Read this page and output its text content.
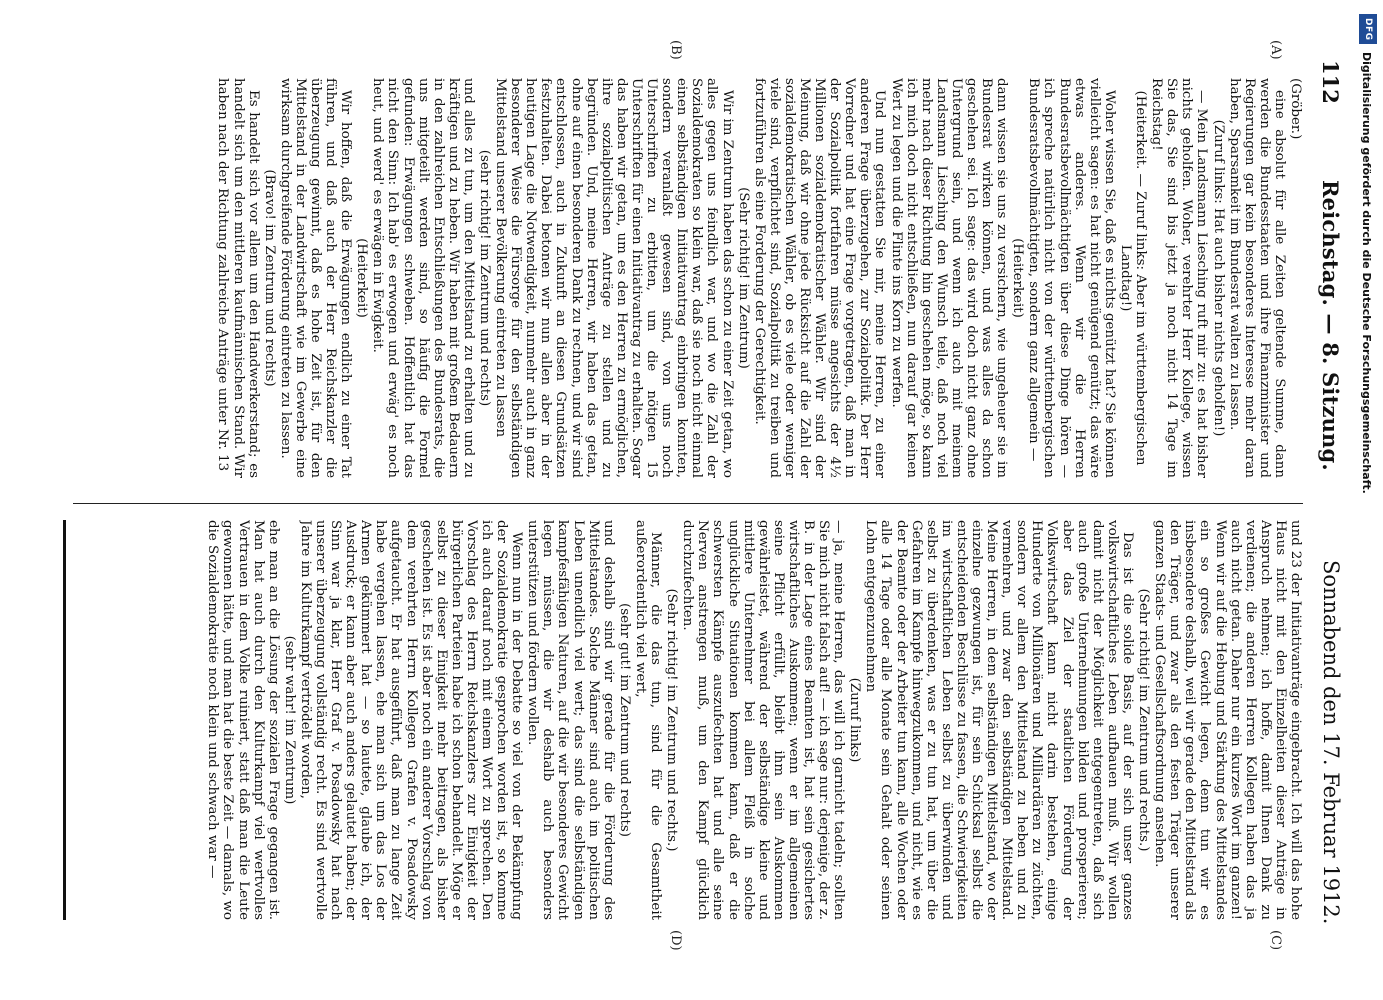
112
Reichstag. — 8. Sitzung.
Sonnabend den 17. Februar 1912.
(A)
(B)
(C)
(D)

(Gröber.)

eine absolut für alle Zeiten geltende Summe, dann werden die Bundesstaaten und ihre Finanzminister und Regierungen gar kein besonderes Interesse mehr daran haben, Sparsamkeit im Bundesrat walten zu lassen.

(Zuruf links: Hat auch bisher nichts geholfen!)

— Mein Landsmann Liesching ruft mir zu: es hat bisher nichts geholfen. Woher, verehrter Herr Kollege, wissen Sie das, Sie sind bis jetzt ja noch nicht 14 Tage im Reichstag!

(Heiterkeit. — Zuruf links: Aber im württembergischen Landtag!)

Woher wissen Sie, daß es nichts genützt hat? Sie können vielleicht sagen: es hat nicht genügend genützt; das wäre etwas anderes. Wenn wir die Herren Bundesratsbevollmächtigten über diese Dinge hören — ich spreche natürlich nicht von der württembergischen Bundesratsbevollmächtigten, sondern ganz allgemein —

(Heiterkeit)

dann wissen sie uns zu versichern, wie ungeheuer sie im Bundesrat wirken können, und was alles da schon geschehen sei. Ich sage: das wird doch nicht ganz ohne Untergrund sein, und wenn ich auch mit meinem Landsmann Liesching den Wunsch teile, daß noch viel mehr nach dieser Richtung hin geschehen möge, so kann ich mich doch nicht entschließen, nun darauf gar keinen Wert zu legen und die Flinte ins Korn zu werfen.

Und nun gestatten Sie mir, meine Herren, zu einer anderen Frage überzugehen, zur Sozialpolitik. Der Herr Vorredner und hat eine Frage vorgetragen, daß man in der Sozialpolitik fortfahren müsse angesichts der 4½ Millionen sozialdemokratischer Wähler. Wir sind der Meinung, daß wir ohne jede Rücksicht auf die Zahl der sozialdemokratischen Wähler, ob es viele oder weniger viele sind, verpflichtet sind, Sozialpolitik zu treiben und fortzuführen als eine Forderung der Gerechtigkeit.

(Sehr richtig! im Zentrum)

Wir im Zentrum haben das schon zu einer Zeit getan, wo alles gegen uns feindlich war, und wo die Zahl der Sozialdemokraten so klein war, daß sie noch nicht einmal einen selbständigen Initiativantrag einbringen konnten, sondern veranlaßt gewesen sind, von uns noch Unterschriften zu erbitten, um die nötigen 15 Unterschriften für einen Initiativantrag zu erhalten. Sogar das haben wir getan, um es den Herren zu ermöglichen, ihre sozialpolitischen Anträge zu stellen und zu begründen. Und, meine Herren, wir haben das getan, ohne auf einen besonderen Dank zu rechnen, und wir sind entschlossen, auch in Zukunft an diesen Grundsätzen festzuhalten. Dabei betonen wir nun allen aber in der heutigen Lage die Notwendigkeit, nunmehr auch in ganz besonderer Weise die Fürsorge für den selbständigen Mittelstand unserer Bevölkerung eintreten zu lassen

(sehr richtig! im Zentrum und rechts)

und alles zu tun, um den Mittelstand zu erhalten und zu kräftigen und zu heben. Wir haben mit großem Bedauern in den zahlreichen Entschließungen des Bundesrats, die uns mitgeteilt werden sind, so häufig die Formel gefunden: Erwägungen schweben. Hoffentlich hat das nicht den Sinn: Ich hab' es erwogen und erwäg' es noch heut, und werd' es erwägen in Ewigkeit.

(Heiterkeit)

Wir hoffen, daß die Erwägungen endlich zu einer Tat führen, und daß auch der Herr Reichskanzler die überzeugung gewinnt, daß es hohe Zeit ist, für den Mittelstand in der Landwirtschaft wie im Gewerbe eine wirksam durchgreifende Förderung eintreten zu lassen.

(Bravo! im Zentrum und rechts)

Es handelt sich vor allem um den Handwerkerstand; es handelt sich um den mittleren kaufmännischen Stand. Wir haben nach der Richtung zahlreiche Anträge unter Nr. 13

und 23 der Initiativanträge eingebracht. Ich will das hohe Haus nicht mit den Einzelheiten dieser Anträge in Anspruch nehmen; ich hoffe, damit Ihnen Dank zu verdienen; die anderen Herren Kollegen haben das ja auch nicht getan. Daher nur ein kurzes Wort im ganzen! Wenn wir auf die Hebung und Stärkung des Mittelstandes ein so großes Gewicht legen, denn tun wir es insbesondere deshalb, weil wir gerade den Mittelstand als den Träger, und zwar als den festen Träger unserer ganzen Staats- und Gesellschaftsordnung ansehen.

(Sehr richtig! im Zentrum und rechts.)

Das ist die solide Basis, auf der sich unser ganzes volkswirtschaftliches Leben aufbauen muß. Wir wollen damit nicht der Möglichkeit entgegentreten, daß sich auch große Unternehmungen bilden und prosperieren; aber das Ziel der staatlichen Förderung der Volkswirtschaft kann nicht darin bestehen, einige Hunderte von Millionären und Milliardären zu züchten, sondern vor allem den Mittelstand zu heben und zu vermehren, und zwar den selbständigen Mittelstand. Meine Herren, in dem selbständigen Mittelstand, wo der einzelne gezwungen ist, für sein Schicksal selbst die entscheidenden Beschlüsse zu fassen, die Schwierigkeiten im wirtschaftlichen Leben selbst zu überwinden und selbst zu überdenken, was er zu tun hat, um über die Gefahren im Kampfe hinwegzukommen, und nicht, wie es der Beamte oder der Arbeiter tun kann, alle Wochen oder alle 14 Tage oder alle Monate sein Gehalt oder seinen Lohn entgegenzunehmen

(Zuruf links)

— ja, meine Herren, das will ich garnicht tadeln; sollten Sie mich nicht falsch auf! — ich sage nur: derjenige, der z. B. in der Lage eines Beamten ist, hat sein gesichertes wirtschaftliches Auskommen; wenn er im allgemeinen seine Pflicht erfüllt, bleibt ihm sein Auskommen gewährleistet, während der selbständige kleine und mittlere Unternehmer bei allem Fleiß in solche unglückliche Situationen kommen kann, daß er die schwersten Kämpfe auszufechten hat und alle seine Nerven anstrengen muß, um den Kampf glücklich durchzufechten.

(Sehr richtig! im Zentrum und rechts.)

Männer, die das tun, sind für die Gesamtheit außerordentlich viel wert,

(sehr gut! im Zentrum und rechts)

und deshalb sind wir gerade für die Förderung des Mittelstandes. Solche Männer sind auch im politischen Leben unendlich viel wert; das sind die selbständigen kampfesfähigen Naturen, auf die wir besonderes Gewicht legen müssen, die wir deshalb auch besonders unterstützen und fördern wollen.

Wenn nun in der Debatte so viel von der Bekämpfung der Sozialdemokratie gesprochen worden ist, so komme ich auch darauf noch mit einem Wort zu sprechen. Den Vorschlag des Herrn Reichskanzlers zur Einigkeit der bürgerlichen Parteien habe ich schon behandelt. Möge er selbst zu dieser Einigkeit mehr beitragen, als bisher geschehen ist. Es ist aber noch ein anderer Vorschlag von dem verehrten Herrn Kollegen Grafen v. Posadowsky aufgetaucht. Er hat ausgeführt, daß man zu lange Zeit habe vergehen lassen, ehe man sich um das Los der Armen gekümmert hat — so lautete, glaube ich, der Ausdruck; er kann aber auch anders gelautet haben; der Sinn war ja klar, Herr Graf v. Posadowsky hat nach unserer überzeugung vollständig recht. Es sind wertvolle Jahre im Kulturkampf vertrödelt worden,

(sehr wahr! im Zentrum)

ehe man an die Lösung der sozialen Frage gegangen ist. Man hat auch durch den Kulturkampf viel wertvolles Vertrauen in dem Volke ruiniert, statt daß man die Leute gewonnen hätte, und man hat die beste Zeit — damals, wo die Sozialdemokratie noch klein und schwach war —

DFG
Digitalisierung gefördert durch die Deutsche Forschungsgemeinschaft.
